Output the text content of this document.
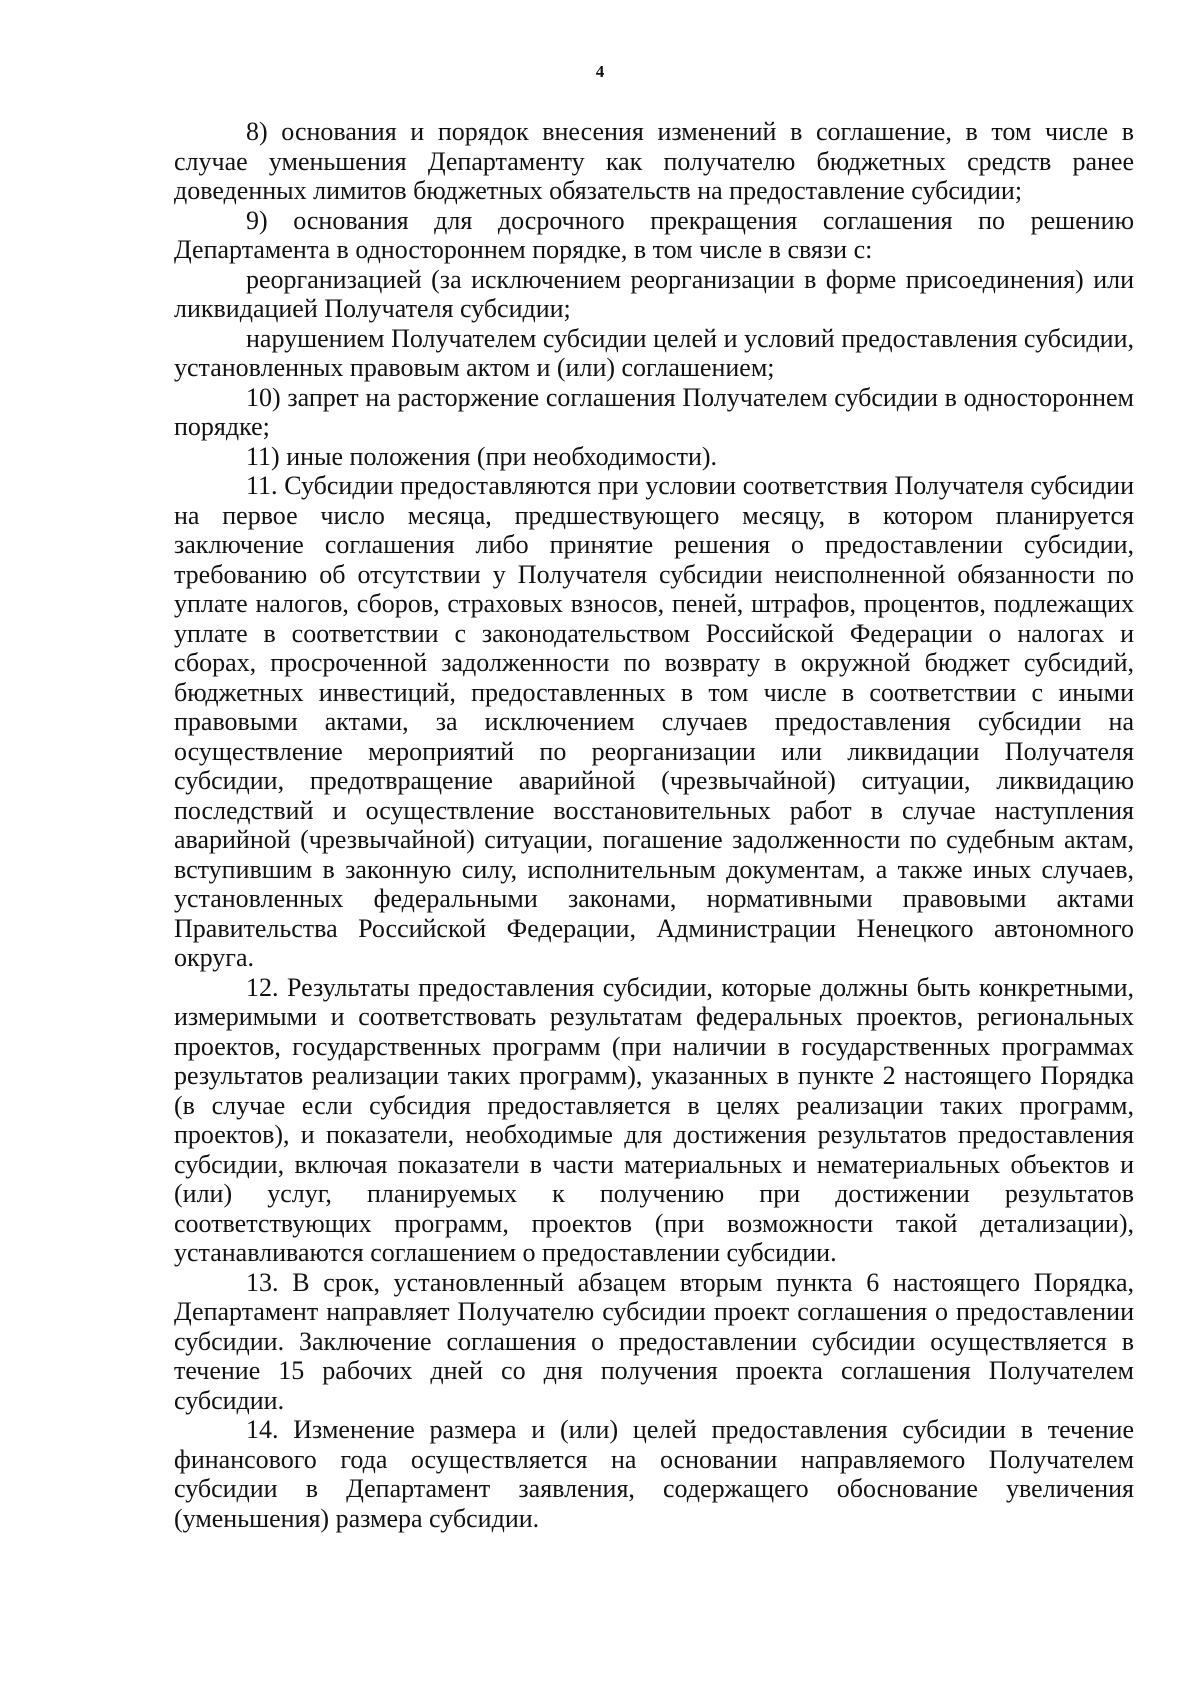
4

8) основания и порядок внесения изменений в соглашение, в том числе в случае уменьшения Департаменту как получателю бюджетных средств ранее доведенных лимитов бюджетных обязательств на предоставление субсидии;

9) основания для досрочного прекращения соглашения по решению Департамента в одностороннем порядке, в том числе в связи с:

реорганизацией (за исключением реорганизации в форме присоединения) или ликвидацией Получателя субсидии;

нарушением Получателем субсидии целей и условий предоставления субсидии, установленных правовым актом и (или) соглашением;

10) запрет на расторжение соглашения Получателем субсидии в одностороннем порядке;

11) иные положения (при необходимости).

11. Субсидии предоставляются при условии соответствия Получателя субсидии на первое число месяца, предшествующего месяцу, в котором планируется заключение соглашения либо принятие решения о предоставлении субсидии, требованию об отсутствии у Получателя субсидии неисполненной обязанности по уплате налогов, сборов, страховых взносов, пеней, штрафов, процентов, подлежащих уплате в соответствии с законодательством Российской Федерации о налогах и сборах, просроченной задолженности по возврату в окружной бюджет субсидий, бюджетных инвестиций, предоставленных в том числе в соответствии с иными правовыми актами, за исключением случаев предоставления субсидии на осуществление мероприятий по реорганизации или ликвидации Получателя субсидии, предотвращение аварийной (чрезвычайной) ситуации, ликвидацию последствий и осуществление восстановительных работ в случае наступления аварийной (чрезвычайной) ситуации, погашение задолженности по судебным актам, вступившим в законную силу, исполнительным документам, а также иных случаев, установленных федеральными законами, нормативными правовыми актами Правительства Российской Федерации, Администрации Ненецкого автономного округа.

12. Результаты предоставления субсидии, которые должны быть конкретными, измеримыми и соответствовать результатам федеральных проектов, региональных проектов, государственных программ (при наличии в государственных программах результатов реализации таких программ), указанных в пункте 2 настоящего Порядка (в случае если субсидия предоставляется в целях реализации таких программ, проектов), и показатели, необходимые для достижения результатов предоставления субсидии, включая показатели в части материальных и нематериальных объектов и (или) услуг, планируемых к получению при достижении результатов соответствующих программ, проектов (при возможности такой детализации), устанавливаются соглашением о предоставлении субсидии.

13. В срок, установленный абзацем вторым пункта 6 настоящего Порядка, Департамент направляет Получателю субсидии проект соглашения о предоставлении субсидии. Заключение соглашения о предоставлении субсидии осуществляется в течение 15 рабочих дней со дня получения проекта соглашения Получателем субсидии.

14. Изменение размера и (или) целей предоставления субсидии в течение финансового года осуществляется на основании направляемого Получателем субсидии в Департамент заявления, содержащего обоснование увеличения (уменьшения) размера субсидии.
